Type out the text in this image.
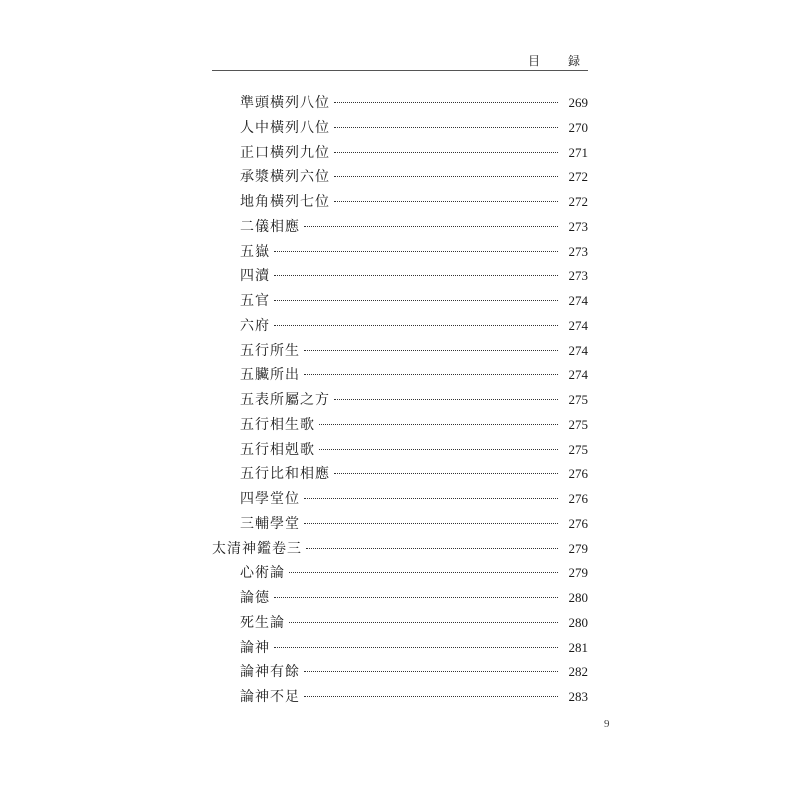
目　録
準頭橫列八位	269
人中橫列八位	270
正口橫列九位	271
承漿橫列六位	272
地角橫列七位	272
二儀相應	273
五嶽	273
四瀆	273
五官	274
六府	274
五行所生	274
五臟所出	274
五表所屬之方	275
五行相生歌	275
五行相剋歌	275
五行比和相應	276
四學堂位	276
三輔學堂	276
太清神鑑卷三	279
心術論	279
論德	280
死生論	280
論神	281
論神有餘	282
論神不足	283
9
